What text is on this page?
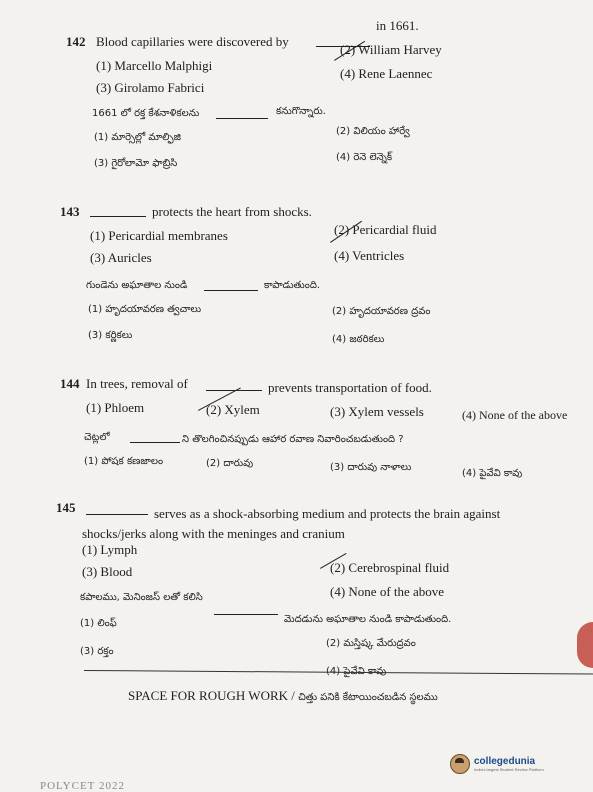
142 Blood capillaries were discovered by
in 1661.
(1) Marcello Malphigi
(2) William Harvey
(3) Girolamo Fabrici
(4) Rene Laennec
1661 లో రక్త కేశనాళికలను	కనుగొన్నారు.
(1) మార్సెల్లో మాల్ఫిజి
(2) విలియం హార్వే
(3) గైరోలామో ఫాబ్రిసి
(4) రెనె లెన్నెక్
143	protects the heart from shocks.
(1) Pericardial membranes	(2) Pericardial fluid
(3) Auricles	(4) Ventricles
గుండెను అఘాతాల నుండి	కాపాడుతుంది.
(1) హృదయావరణ త్వచాలు	(2) హృదయావరణ ద్రవం
(3) కర్ణికలు	(4) జఠరికలు
144 In trees, removal of	prevents transportation of food.
(1) Phloem	(2) Xylem	(3) Xylem vessels	(4) None of the above
చెట్లలో	ని తొలగించినప్పుడు ఆహార రవాణ నివారించబడుతుంది ?
(1) పోషక కణజాలం	(2) దారువు	(3) దారువు నాళాలు
(4) పైవేవి కావు
145	serves as a shock-absorbing medium and protects the brain against
shocks/jerks along with the meninges and cranium
(1) Lymph
(2) Cerebrospinal fluid
(3) Blood
(4) None of the above
కపాలము, మెనింజస్ లతో కలిసి
మెదడును అఘాతాల నుండి కాపాడుతుంది.
(1) లింఫ్
(2) మస్తిష్క మేరుద్రవం
(3) రక్తం
(4) పైవేవి కావు
SPACE FOR ROUGH WORK / చిత్తు పనికి కేటాయించబడిన స్థలము
collegedunia
India's largest Student Review Platform
POLYCET 2022
